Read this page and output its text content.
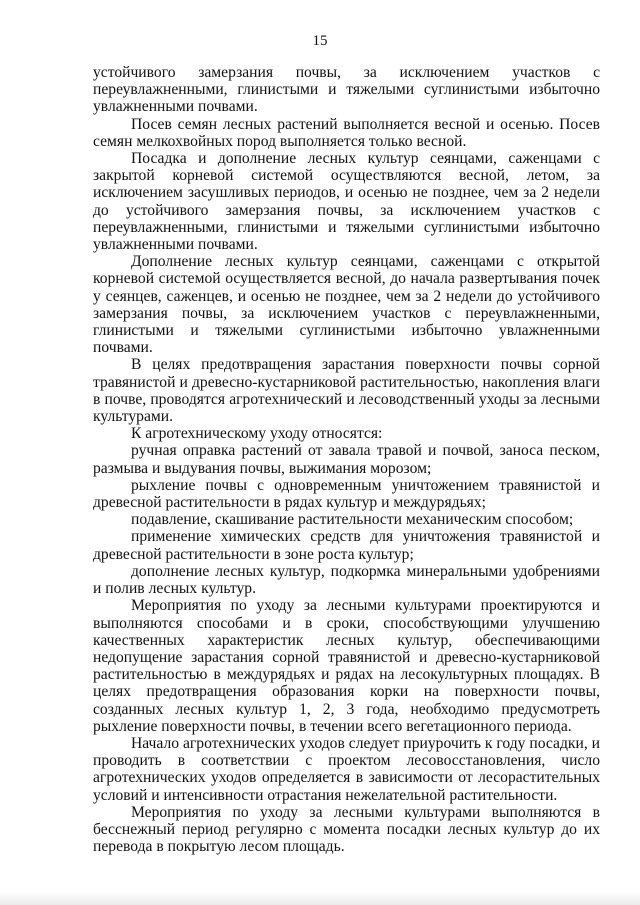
15

устойчивого замерзания почвы, за исключением участков с переувлажненными, глинистыми и тяжелыми суглинистыми избыточно увлажненными почвами.

Посев семян лесных растений выполняется весной и осенью. Посев семян мелкохвойных пород выполняется только весной.

Посадка и дополнение лесных культур сеянцами, саженцами с закрытой корневой системой осуществляются весной, летом, за исключением засушливых периодов, и осенью не позднее, чем за 2 недели до устойчивого замерзания почвы, за исключением участков с переувлажненными, глинистыми и тяжелыми суглинистыми избыточно увлажненными почвами.

Дополнение лесных культур сеянцами, саженцами с открытой корневой системой осуществляется весной, до начала развертывания почек у сеянцев, саженцев, и осенью не позднее, чем за 2 недели до устойчивого замерзания почвы, за исключением участков с переувлажненными, глинистыми и тяжелыми суглинистыми избыточно увлажненными почвами.

В целях предотвращения зарастания поверхности почвы сорной травянистой и древесно-кустарниковой растительностью, накопления влаги в почве, проводятся агротехнический и лесоводственный уходы за лесными культурами.

К агротехническому уходу относятся:

ручная оправка растений от завала травой и почвой, заноса песком, размыва и выдувания почвы, выжимания морозом;

рыхление почвы с одновременным уничтожением травянистой и древесной растительности в рядах культур и междурядьях;

подавление, скашивание растительности механическим способом;

применение химических средств для уничтожения травянистой и древесной растительности в зоне роста культур;

дополнение лесных культур, подкормка минеральными удобрениями и полив лесных культур.

Мероприятия по уходу за лесными культурами проектируются и выполняются способами и в сроки, способствующими улучшению качественных характеристик лесных культур, обеспечивающими недопущение зарастания сорной травянистой и древесно-кустарниковой растительностью в междурядьях и рядах на лесокультурных площадях. В целях предотвращения образования корки на поверхности почвы, созданных лесных культур 1, 2, 3 года, необходимо предусмотреть рыхление поверхности почвы, в течении всего вегетационного периода.

Начало агротехнических уходов следует приурочить к году посадки, и проводить в соответствии с проектом лесовосстановления, число агротехнических уходов определяется в зависимости от лесорастительных условий и интенсивности отрастания нежелательной растительности.

Мероприятия по уходу за лесными культурами выполняются в бесснежный период регулярно с момента посадки лесных культур до их перевода в покрытую лесом площадь.
